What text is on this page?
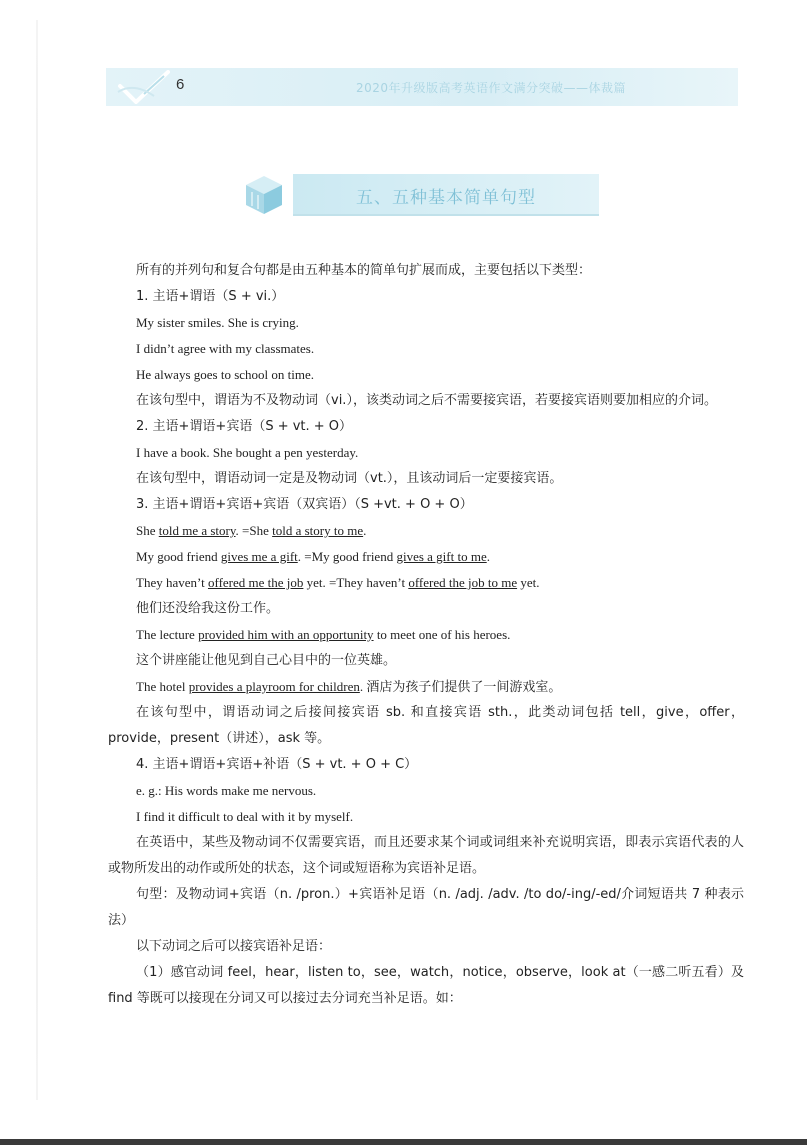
6	2020年升级版高考英语作文满分突破——体裁篇
五、五种基本简单句型
所有的并列句和复合句都是由五种基本的简单句扩展而成，主要包括以下类型：
1. 主语+谓语（S + vi.）
My sister smiles. She is crying.
I didn’t agree with my classmates.
He always goes to school on time.
在该句型中，谓语为不及物动词（vi.），该类动词之后不需要接宾语，若要接宾语则要加相应的介词。
2. 主语+谓语+宾语（S + vt. + O）
I have a book. She bought a pen yesterday.
在该句型中，谓语动词一定是及物动词（vt.），且该动词后一定要接宾语。
3. 主语+谓语+宾语+宾语（双宾语）（S +vt. + O + O）
She told me a story. =She told a story to me.
My good friend gives me a gift. =My good friend gives a gift to me.
They haven’t offered me the job yet. =They haven’t offered the job to me yet.
他们还没给我这份工作。
The lecture provided him with an opportunity to meet one of his heroes.
这个讲座能让他见到自己心目中的一位英雄。
The hotel provides a playroom for children. 酒店为孩子们提供了一间游戏室。
在该句型中，谓语动词之后接间接宾语 sb. 和直接宾语 sth.，此类动词包括 tell，give，offer，provide，present（讲述），ask 等。
4. 主语+谓语+宾语+补语（S + vt. + O + C）
e. g.: His words make me nervous.
I find it difficult to deal with it by myself.
在英语中，某些及物动词不仅需要宾语，而且还要求某个词或词组来补充说明宾语，即表示宾语代表的人或物所发出的动作或所处的状态，这个词或短语称为宾语补足语。
句型：及物动词+宾语（n. /pron.）+宾语补足语（n. /adj. /adv. /to do/-ing/-ed/介词短语共 7 种表示法）
以下动词之后可以接宾语补足语：
（1）感官动词 feel，hear，listen to，see，watch，notice，observe，look at（一感二听五看）及 find 等既可以接现在分词又可以接过去分词充当补足语。如：
